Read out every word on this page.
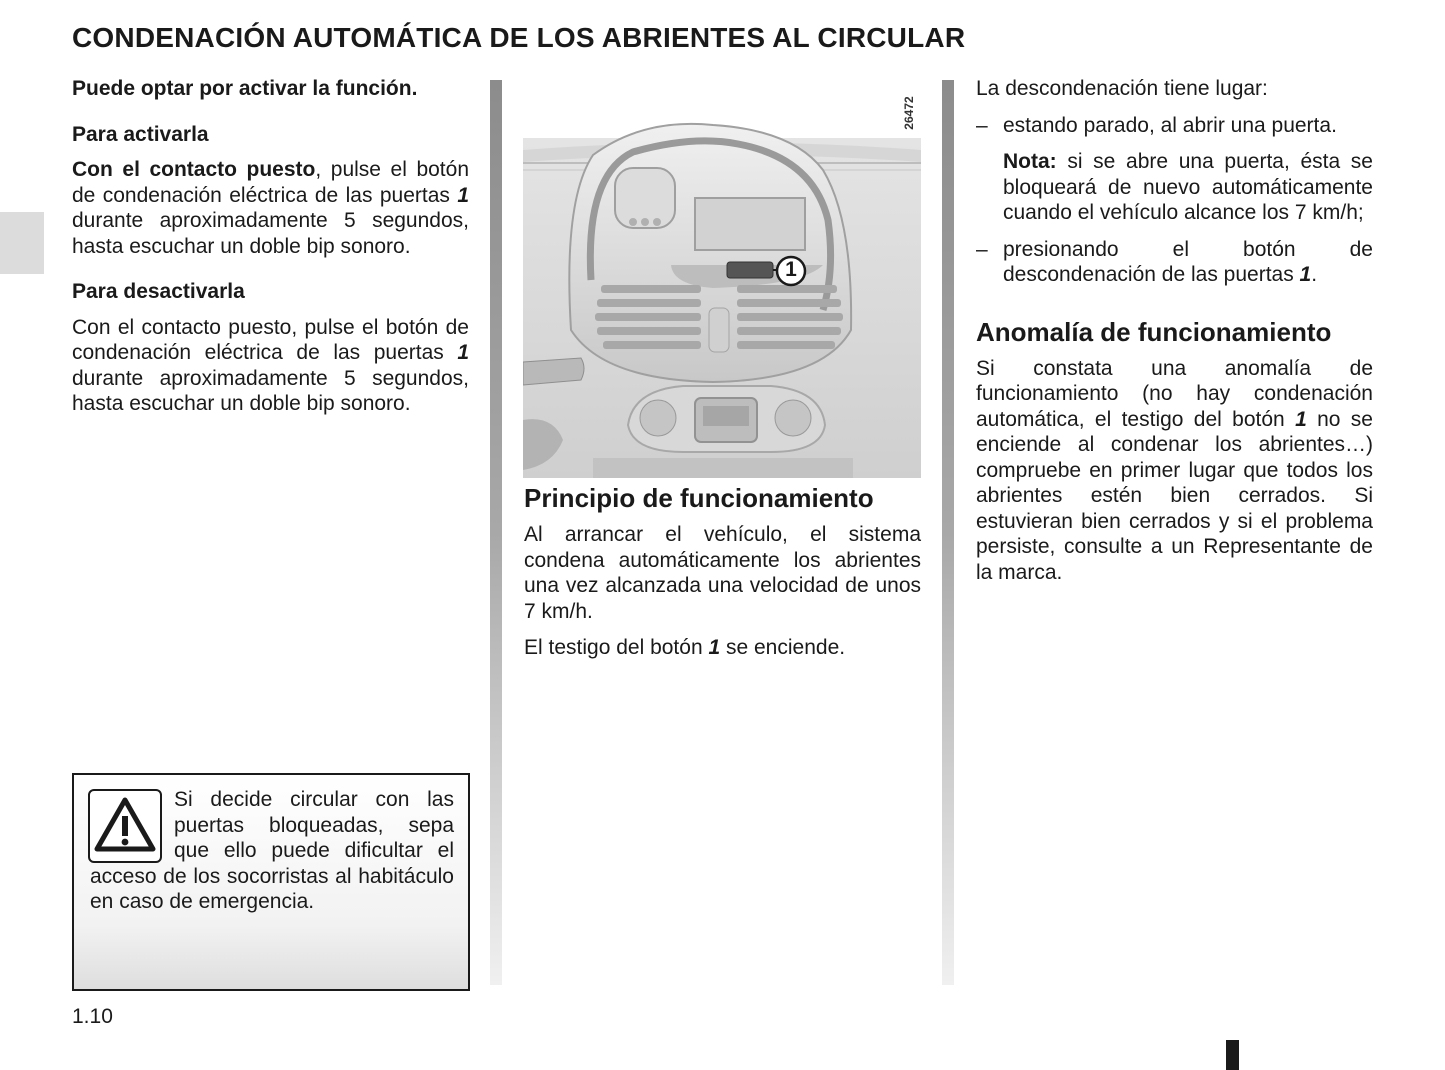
CONDENACIÓN AUTOMÁTICA DE LOS ABRIENTES AL CIRCULAR

Puede optar por activar la función.

Para activarla

Con el contacto puesto, pulse el botón de condenación eléctrica de las puertas 1 durante aproximadamente 5 segundos, hasta escuchar un doble bip sonoro.

Para desactivarla

Con el contacto puesto, pulse el botón de condenación eléctrica de las puertas 1 durante aproximadamente 5 segundos, hasta escuchar un doble bip sonoro.

Si decide circular con las puertas bloqueadas, sepa que ello puede dificultar el acceso de los socorristas al habitáculo en caso de emergencia.
26472
1
Principio de funcionamiento

Al arrancar el vehículo, el sistema condena automáticamente los abrientes una vez alcanzada una velocidad de unos 7 km/h.

El testigo del botón 1 se enciende.

La descondenación tiene lugar:

– estando parado, al abrir una puerta.

Nota: si se abre una puerta, ésta se bloqueará de nuevo automáticamente cuando el vehículo alcance los 7 km/h;

– presionando el botón de descondenación de las puertas 1.

Anomalía de funcionamiento

Si constata una anomalía de funcionamiento (no hay condenación automática, el testigo del botón 1 no se enciende al condenar los abrientes…) compruebe en primer lugar que todos los abrientes estén bien cerrados. Si estuvieran bien cerrados y si el problema persiste, consulte a un Representante de la marca.

1.10
